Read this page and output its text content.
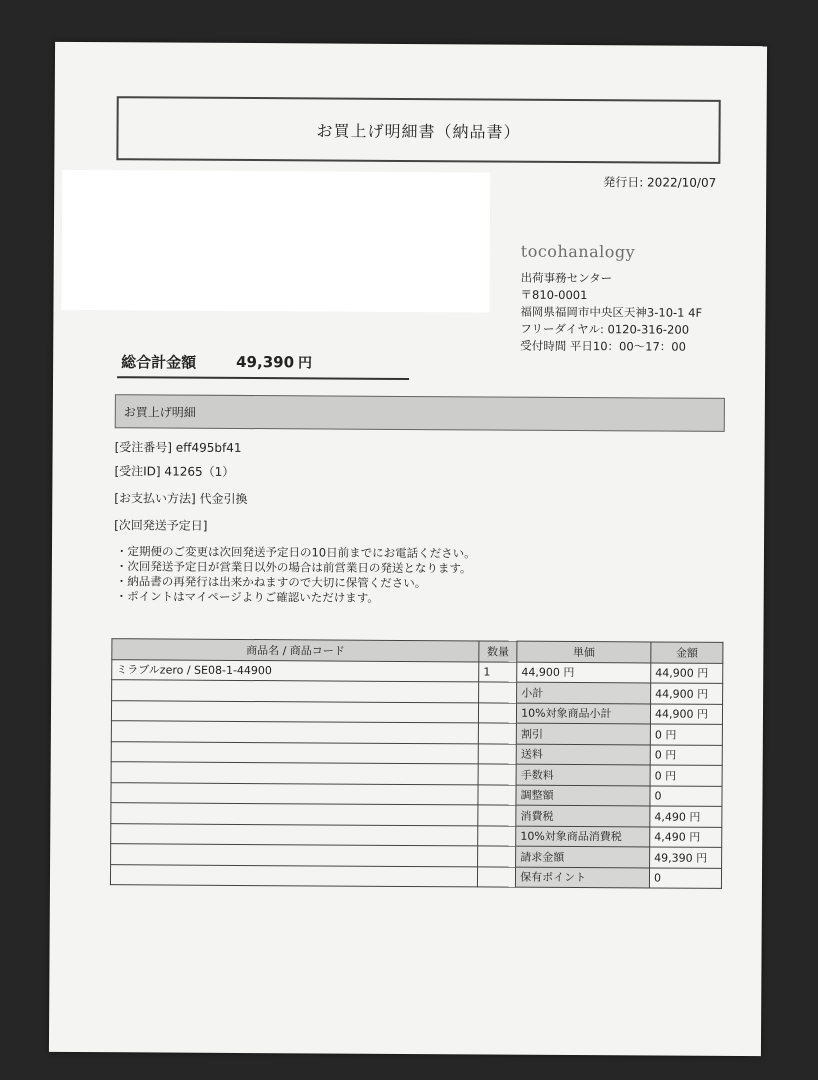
お買上げ明細書（納品書）
発行日: 2022/10/07
tocohanalogy
出荷事務センター
〒810-0001
福岡県福岡市中央区天神3-10-1 4F
フリーダイヤル: 0120-316-200
受付時間 平日10：00～17：00
総合計金額	49,390 円
お買上げ明細
[受注番号] eff495bf41
[受注ID] 41265（1）
[お支払い方法] 代金引換
[次回発送予定日]
・ 定期便のご変更は次回発送予定日の10日前までにお電話ください。
・ 次回発送予定日が営業日以外の場合は前営業日の発送となります。
・ 納品書の再発行は出来かねますので大切に保管ください。
・ ポイントはマイページよりご確認いただけます。
商品名 / 商品コード	数量	単価	金額
ミラブルzero / SE08-1-44900	1	44,900 円	44,900 円
		小計	44,900 円
		10%対象商品小計	44,900 円
		割引	0 円
		送料	0 円
		手数料	0 円
		調整額	0
		消費税	4,490 円
		10%対象商品消費税	4,490 円
		請求金額	49,390 円
		保有ポイント	0
